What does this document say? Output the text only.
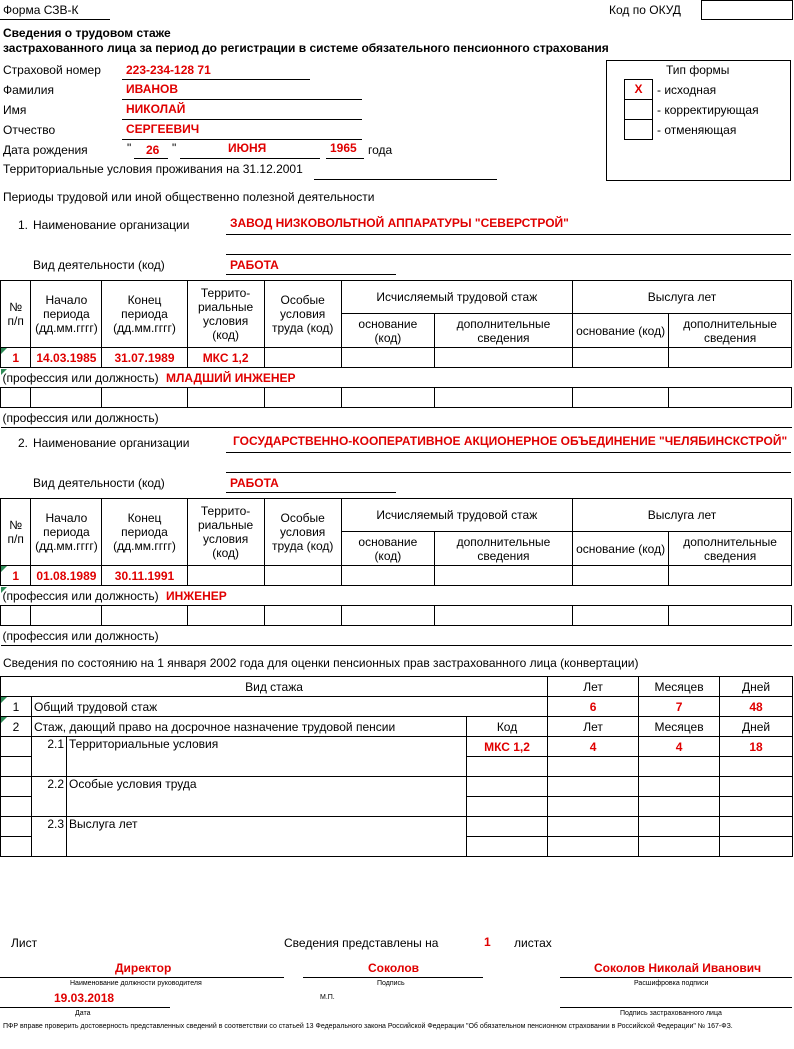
Форма СЗВ-К	Код по ОКУД
Сведения о трудовом стаже
застрахованного лица за период до регистрации в системе обязательного пенсионного страхования
Страховой номер 223-234-128 71
Фамилия	ИВАНОВ
Имя	НИКОЛАЙ
Отчество	СЕРГЕЕВИЧ
Дата рождения	" 26 "	ИЮНЯ	1965 года
Территориальные условия проживания на 31.12.2001
Тип формы
X	- исходная
- корректирующая
- отменяющая
Периоды трудовой или иной общественно полезной деятельности
1. Наименование организации	ЗАВОД НИЗКОВОЛЬТНОЙ АППАРАТУРЫ "СЕВЕРСТРОЙ"
Вид деятельности (код)	РАБОТА
№ п/п	Начало периода (дд.мм.гггг)	Конец периода (дд.мм.гггг)	Террито-риальные условия (код)	Особые условия труда (код)	Исчисляемый трудовой стаж		Выслуга лет	
					основание (код)	дополнительные сведения	основание (код)	дополнительные сведения
1	14.03.1985	31.07.1989	МКС 1,2					
(профессия или должность) МЛАДШИЙ ИНЖЕНЕР								

(профессия или должность)								
2. Наименование организации	ГОСУДАРСТВЕННО-КООПЕРАТИВНОЕ АКЦИОНЕРНОЕ ОБЪЕДИНЕНИЕ "ЧЕЛЯБИНСКСТРОЙ"
Вид деятельности (код)	РАБОТА
№ п/п	Начало периода (дд.мм.гггг)	Конец периода (дд.мм.гггг)	Террито-риальные условия (код)	Особые условия труда (код)	Исчисляемый трудовой стаж		Выслуга лет	
					основание (код)	дополнительные сведения	основание (код)	дополнительные сведения
1	01.08.1989	30.11.1991						
(профессия или должность) ИНЖЕНЕР								

(профессия или должность)								
Сведения по состоянию на 1 января 2002 года для оценки пенсионных прав застрахованного лица (конвертации)
Вид стажа				Лет	Месяцев	Дней
1	Общий трудовой стаж			6	7	48
2	Стаж, дающий право на досрочное назначение трудовой пенсии		Код	Лет	Месяцев	Дней
	2.1	Территориальные условия	МКС 1,2	4	4	18

	2.2	Особые условия труда				

	2.3	Выслуга лет				

Лист	Сведения представлены на	1 листах
Директор
Наименование должности руководителя
Соколов
Подпись
Соколов Николай Иванович
Расшифровка подписи
19.03.2018
Дата
М.П.
Подпись застрахованного лица
ПФР вправе проверить достоверность представленных сведений в соответствии со статьей 13 Федерального закона Российской Федерации "Об обязательном пенсионном страховании в Российской Федерации" № 167-ФЗ.
